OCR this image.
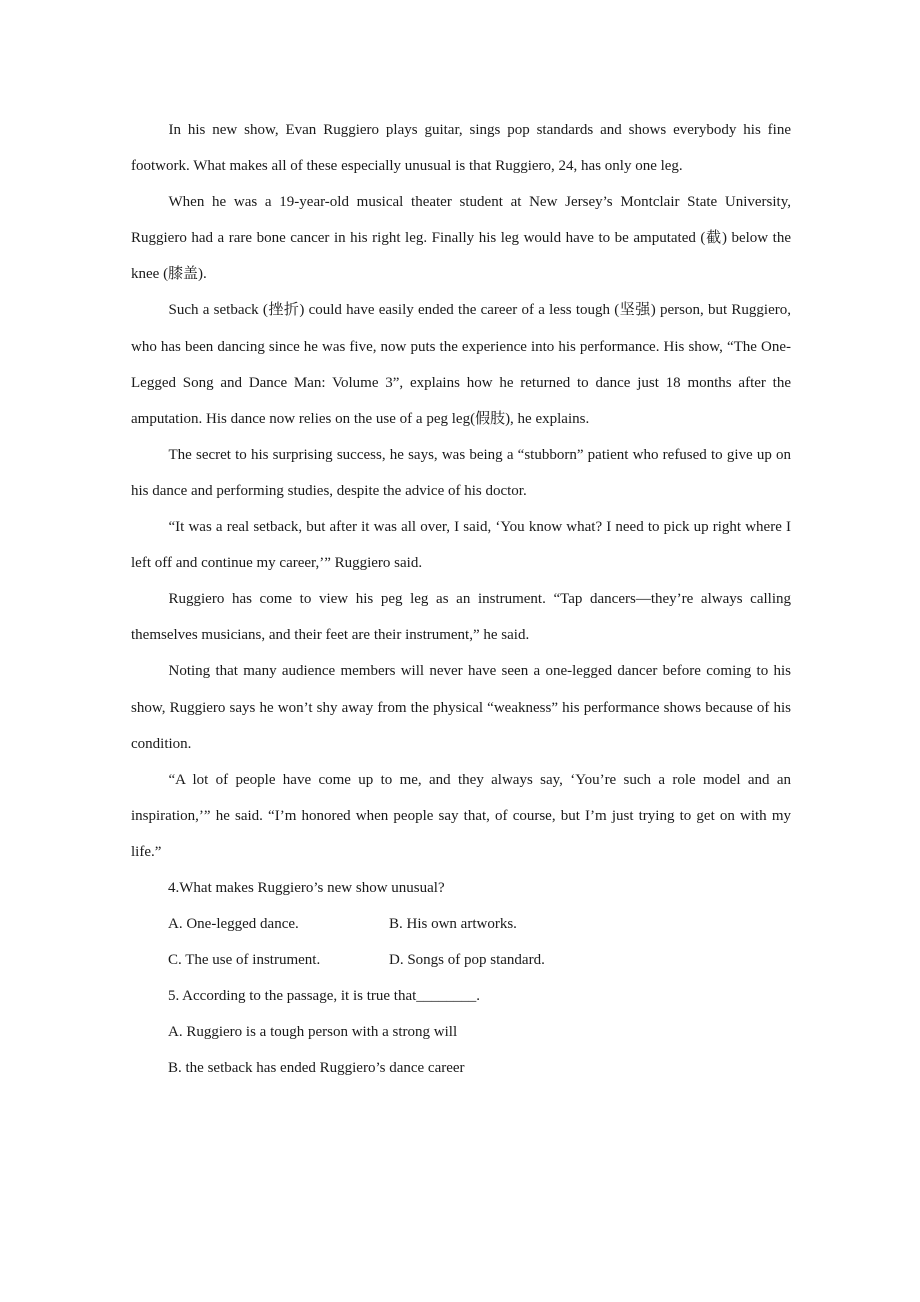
In his new show, Evan Ruggiero plays guitar, sings pop standards and shows everybody his fine footwork. What makes all of these especially unusual is that Ruggiero, 24, has only one leg.

When he was a 19-year-old musical theater student at New Jersey’s Montclair State University, Ruggiero had a rare bone cancer in his right leg. Finally his leg would have to be amputated (截) below the knee (膝盖).

Such a setback (挫折) could have easily ended the career of a less tough (坚强) person, but Ruggiero, who has been dancing since he was five, now puts the experience into his performance. His show, “The One-Legged Song and Dance Man: Volume 3”, explains how he returned to dance just 18 months after the amputation. His dance now relies on the use of a peg leg(假肢), he explains.

The secret to his surprising success, he says, was being a “stubborn” patient who refused to give up on his dance and performing studies, despite the advice of his doctor.

“It was a real setback, but after it was all over, I said, ‘You know what? I need to pick up right where I left off and continue my career,’” Ruggiero said.

Ruggiero has come to view his peg leg as an instrument. “Tap dancers—they’re always calling themselves musicians, and their feet are their instrument,” he said.

Noting that many audience members will never have seen a one-legged dancer before coming to his show, Ruggiero says he won’t shy away from the physical “weakness” his performance shows because of his condition.

“A lot of people have come up to me, and they always say, ‘You’re such a role model and an inspiration,’” he said. “I’m honored when people say that, of course, but I’m just trying to get on with my life.”

4.What makes Ruggiero’s new show unusual?

A. One-legged dance.	B. His own artworks.
C. The use of instrument.	D. Songs of pop standard.

5. According to the passage, it is true that________.

A. Ruggiero is a tough person with a strong will

B. the setback has ended Ruggiero’s dance career
